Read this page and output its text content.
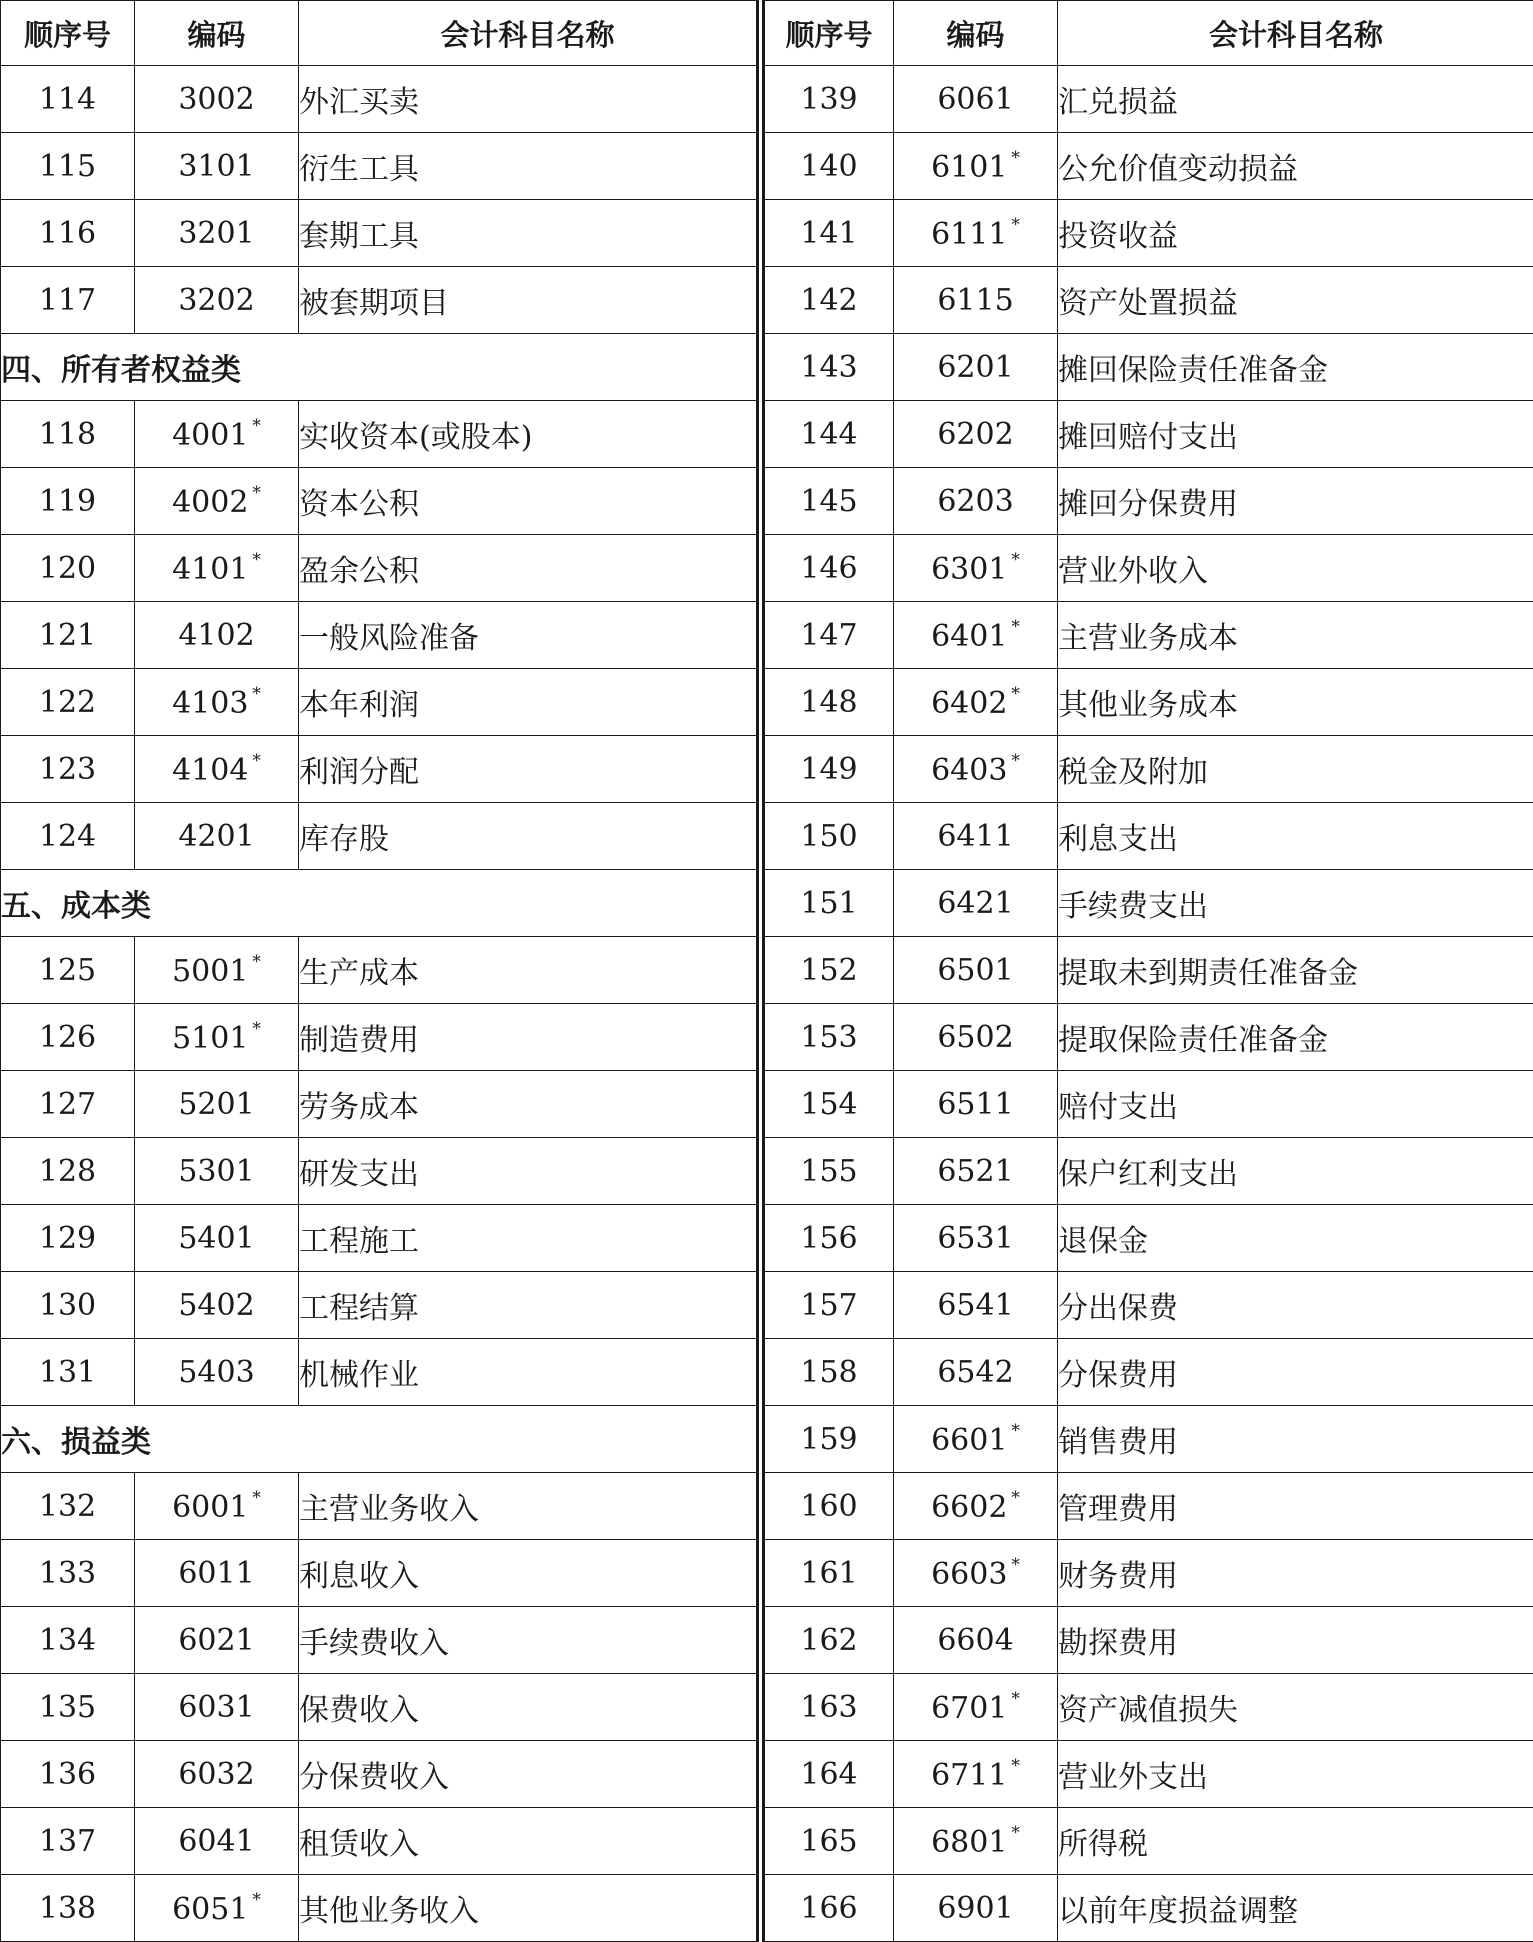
顺序号	编码	会计科目名称
114	3002	外汇买卖
115	3101	衍生工具
116	3201	套期工具
117	3202	被套期项目
四、所有者权益类		
118	4001 *	实收资本(或股本)
119	4002 *	资本公积
120	4101 *	盈余公积
121	4102	一般风险准备
122	4103 *	本年利润
123	4104 *	利润分配
124	4201	库存股
五、成本类		
125	5001 *	生产成本
126	5101 *	制造费用
127	5201	劳务成本
128	5301	研发支出
129	5401	工程施工
130	5402	工程结算
131	5403	机械作业
六、损益类		
132	6001 *	主营业务收入
133	6011	利息收入
134	6021	手续费收入
135	6031	保费收入
136	6032	分保费收入
137	6041	租赁收入
138	6051 *	其他业务收入
顺序号	编码	会计科目名称
139	6061	汇兑损益
140	6101 *	公允价值变动损益
141	6111 *	投资收益
142	6115	资产处置损益
143	6201	摊回保险责任准备金
144	6202	摊回赔付支出
145	6203	摊回分保费用
146	6301 *	营业外收入
147	6401 *	主营业务成本
148	6402 *	其他业务成本
149	6403 *	税金及附加
150	6411	利息支出
151	6421	手续费支出
152	6501	提取未到期责任准备金
153	6502	提取保险责任准备金
154	6511	赔付支出
155	6521	保户红利支出
156	6531	退保金
157	6541	分出保费
158	6542	分保费用
159	6601 *	销售费用
160	6602 *	管理费用
161	6603 *	财务费用
162	6604	勘探费用
163	6701 *	资产减值损失
164	6711 *	营业外支出
165	6801 *	所得税
166	6901	以前年度损益调整
